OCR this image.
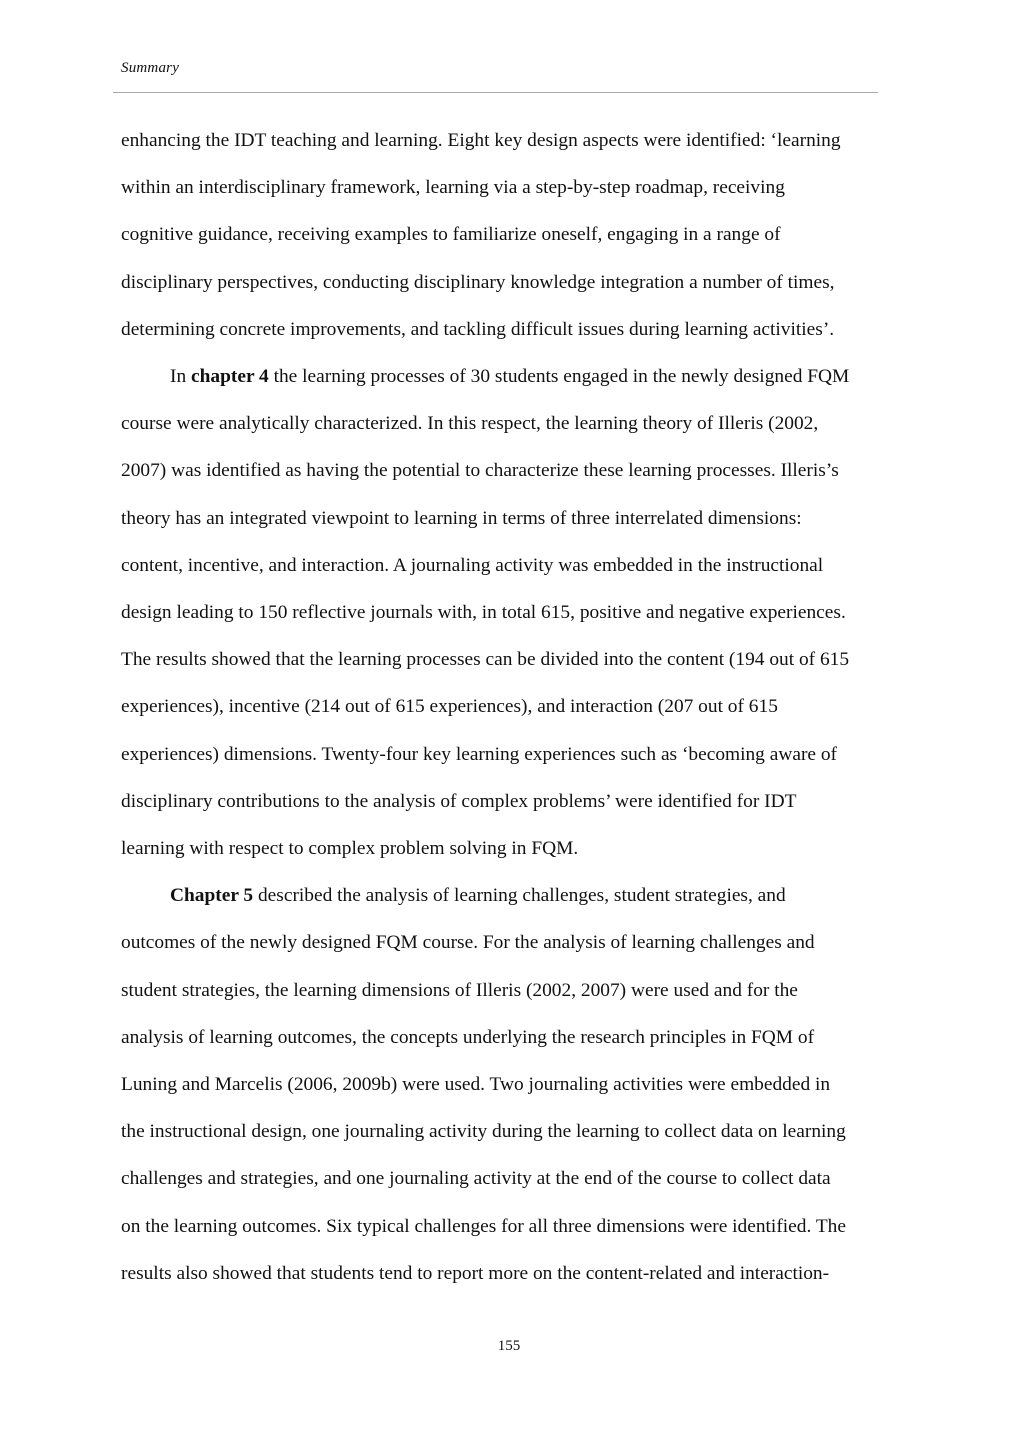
Summary
enhancing the IDT teaching and learning. Eight key design aspects were identified: ‘learning
within an interdisciplinary framework, learning via a step-by-step roadmap, receiving
cognitive guidance, receiving examples to familiarize oneself, engaging in a range of
disciplinary perspectives, conducting disciplinary knowledge integration a number of times,
determining concrete improvements, and tackling difficult issues during learning activities’.
In chapter 4 the learning processes of 30 students engaged in the newly designed FQM
course were analytically characterized. In this respect, the learning theory of Illeris (2002,
2007) was identified as having the potential to characterize these learning processes. Illeris’s
theory has an integrated viewpoint to learning in terms of three interrelated dimensions:
content, incentive, and interaction. A journaling activity was embedded in the instructional
design leading to 150 reflective journals with, in total 615, positive and negative experiences.
The results showed that the learning processes can be divided into the content (194 out of 615
experiences), incentive (214 out of 615 experiences), and interaction (207 out of 615
experiences) dimensions. Twenty-four key learning experiences such as ‘becoming aware of
disciplinary contributions to the analysis of complex problems’ were identified for IDT
learning with respect to complex problem solving in FQM.
Chapter 5 described the analysis of learning challenges, student strategies, and
outcomes of the newly designed FQM course. For the analysis of learning challenges and
student strategies, the learning dimensions of Illeris (2002, 2007) were used and for the
analysis of learning outcomes, the concepts underlying the research principles in FQM of
Luning and Marcelis (2006, 2009b) were used. Two journaling activities were embedded in
the instructional design, one journaling activity during the learning to collect data on learning
challenges and strategies, and one journaling activity at the end of the course to collect data
on the learning outcomes. Six typical challenges for all three dimensions were identified. The
results also showed that students tend to report more on the content-related and interaction-
155
